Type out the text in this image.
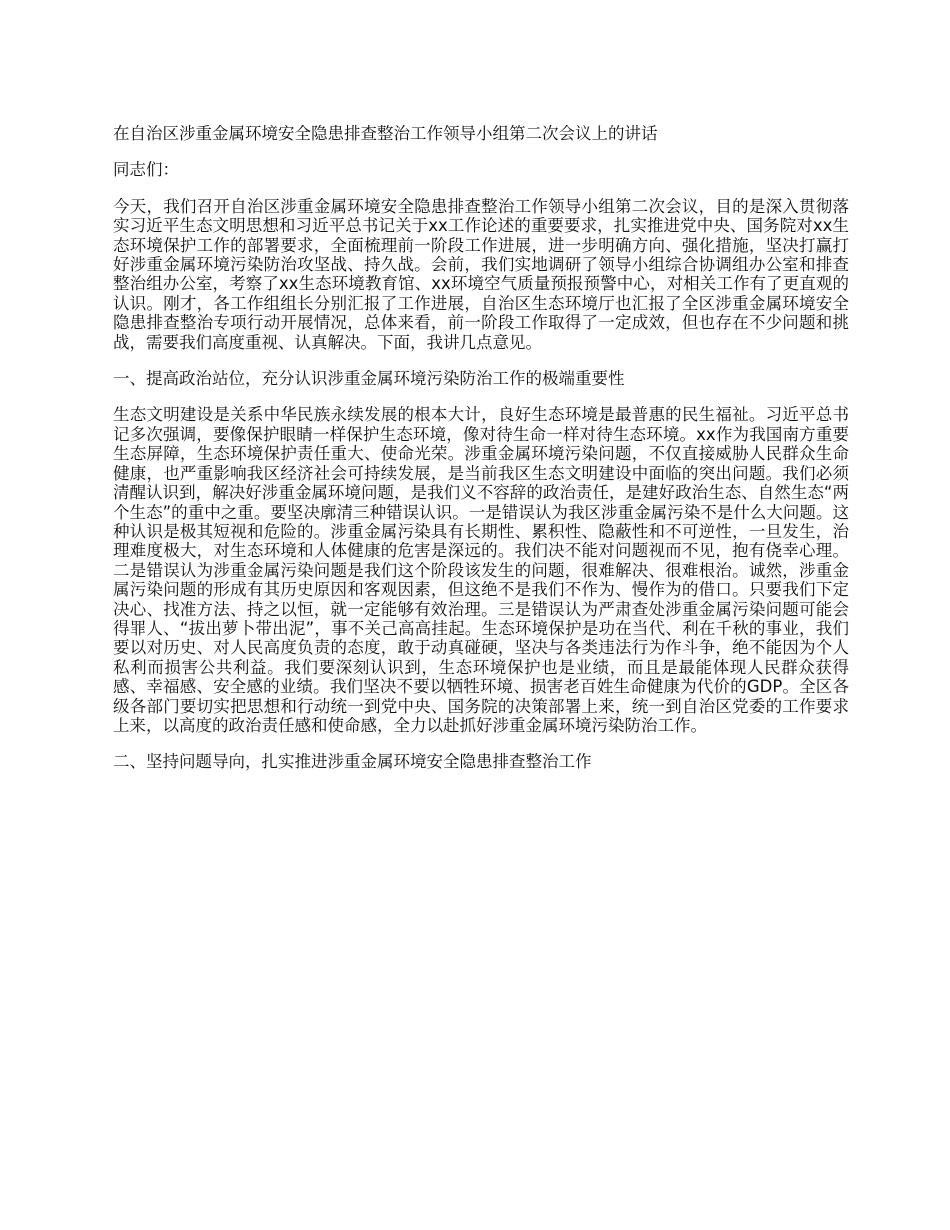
在自治区涉重金属环境安全隐患排查整治工作领导小组第二次会议上的讲话

同志们：

今天，我们召开自治区涉重金属环境安全隐患排查整治工作领导小组第二次会议，目的是深入贯彻落实习近平生态文明思想和习近平总书记关于xx工作论述的重要要求，扎实推进党中央、国务院对xx生态环境保护工作的部署要求，全面梳理前一阶段工作进展，进一步明确方向、强化措施，坚决打赢打好涉重金属环境污染防治攻坚战、持久战。会前，我们实地调研了领导小组综合协调组办公室和排查整治组办公室，考察了xx生态环境教育馆、xx环境空气质量预报预警中心，对相关工作有了更直观的认识。刚才，各工作组组长分别汇报了工作进展，自治区生态环境厅也汇报了全区涉重金属环境安全隐患排查整治专项行动开展情况，总体来看，前一阶段工作取得了一定成效，但也存在不少问题和挑战，需要我们高度重视、认真解决。下面，我讲几点意见。

一、提高政治站位，充分认识涉重金属环境污染防治工作的极端重要性

生态文明建设是关系中华民族永续发展的根本大计，良好生态环境是最普惠的民生福祉。习近平总书记多次强调，要像保护眼睛一样保护生态环境，像对待生命一样对待生态环境。xx作为我国南方重要生态屏障，生态环境保护责任重大、使命光荣。涉重金属环境污染问题，不仅直接威胁人民群众生命健康，也严重影响我区经济社会可持续发展，是当前我区生态文明建设中面临的突出问题。我们必须清醒认识到，解决好涉重金属环境问题，是我们义不容辞的政治责任，是建好政治生态、自然生态“两个生态”的重中之重。要坚决廓清三种错误认识。一是错误认为我区涉重金属污染不是什么大问题。这种认识是极其短视和危险的。涉重金属污染具有长期性、累积性、隐蔽性和不可逆性，一旦发生，治理难度极大，对生态环境和人体健康的危害是深远的。我们决不能对问题视而不见，抱有侥幸心理。二是错误认为涉重金属污染问题是我们这个阶段该发生的问题，很难解决、很难根治。诚然，涉重金属污染问题的形成有其历史原因和客观因素，但这绝不是我们不作为、慢作为的借口。只要我们下定决心、找准方法、持之以恒，就一定能够有效治理。三是错误认为严肃查处涉重金属污染问题可能会得罪人、“拔出萝卜带出泥”，事不关己高高挂起。生态环境保护是功在当代、利在千秋的事业，我们要以对历史、对人民高度负责的态度，敢于动真碰硬，坚决与各类违法行为作斗争，绝不能因为个人私利而损害公共利益。我们要深刻认识到，生态环境保护也是业绩，而且是最能体现人民群众获得感、幸福感、安全感的业绩。我们坚决不要以牺牲环境、损害老百姓生命健康为代价的GDP。全区各级各部门要切实把思想和行动统一到党中央、国务院的决策部署上来，统一到自治区党委的工作要求上来，以高度的政治责任感和使命感，全力以赴抓好涉重金属环境污染防治工作。

二、坚持问题导向，扎实推进涉重金属环境安全隐患排查整治工作
